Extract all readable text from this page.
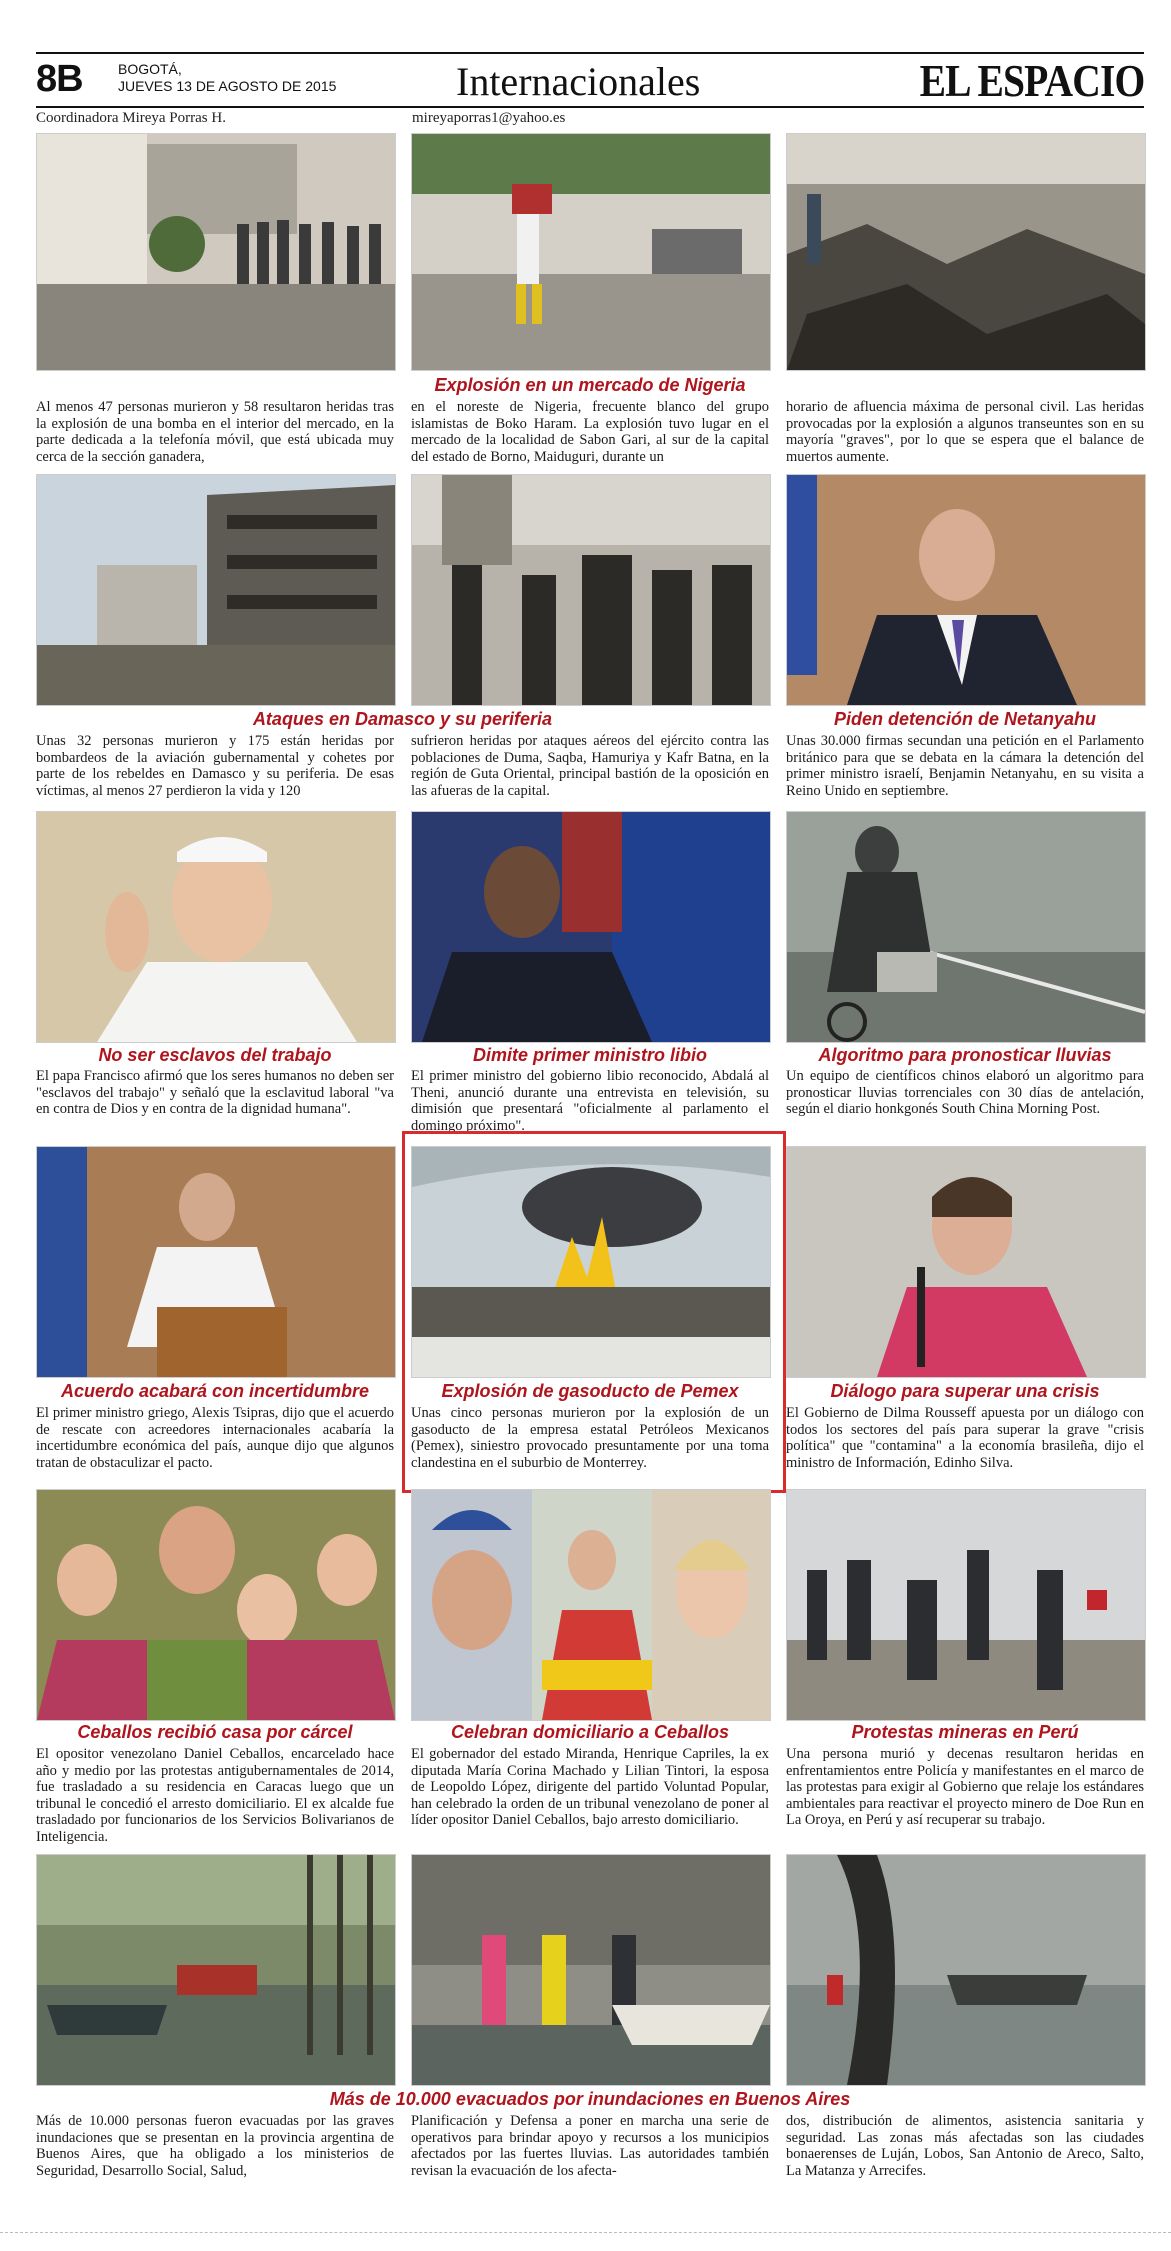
8B	BOGOTÁ,
JUEVES 13 DE AGOSTO DE 2015	Internacionales	EL ESPACIO
Coordinadora Mireya Porras H.	mireyaporras1@yahoo.es
Explosión en un mercado de Nigeria
Al menos 47 personas murieron y 58 resultaron heridas tras la explosión de una bomba en el interior del mercado, en la parte dedicada a la telefonía móvil, que está ubicada muy cerca de la sección ganadera,
en el noreste de Nigeria, frecuente blanco del grupo islamistas de Boko Haram. La explosión tuvo lugar en el mercado de la localidad de Sabon Gari, al sur de la capital del estado de Borno, Maiduguri, durante un
horario de afluencia máxima de personal civil. Las heridas provocadas por la explosión a algunos transeuntes son en su mayoría "graves", por lo que se espera que el balance de muertos aumente.
Ataques en Damasco y su periferia	Piden detención de Netanyahu
Unas 32 personas murieron y 175 están heridas por bombardeos de la aviación gubernamental y cohetes por parte de los rebeldes en Damasco y su periferia. De esas víctimas, al menos 27 perdieron la vida y 120
sufrieron heridas por ataques aéreos del ejército contra las poblaciones de Duma, Saqba, Hamuriya y Kafr Batna, en la región de Guta Oriental, principal bastión de la oposición en las afueras de la capital.
Unas 30.000 firmas secundan una petición en el Parlamento británico para que se debata en la cámara la detención del primer ministro israelí, Benjamin Netanyahu, en su visita a Reino Unido en septiembre.
No ser esclavos del trabajo	Dimite primer ministro libio	Algoritmo para pronosticar lluvias
El papa Francisco afirmó que los seres humanos no deben ser "esclavos del trabajo" y señaló que la esclavitud laboral "va en contra de Dios y en contra de la dignidad humana".
El primer ministro del gobierno libio reconocido, Abdalá al Theni, anunció durante una entrevista en televisión, su dimisión que presentará "oficialmente al parlamento el domingo próximo".
Un equipo de científicos chinos elaboró un algoritmo para pronosticar lluvias torrenciales con 30 días de antelación, según el diario honkgonés South China Morning Post.
Acuerdo acabará con incertidumbre	Explosión de gasoducto de Pemex	Diálogo para superar una crisis
El primer ministro griego, Alexis Tsipras, dijo que el acuerdo de rescate con acreedores internacionales acabaría la incertidumbre económica del país, aunque dijo que algunos tratan de obstaculizar el pacto.
Unas cinco personas murieron por la explosión de un gasoducto de la empresa estatal Petróleos Mexicanos (Pemex), siniestro provocado presuntamente por una toma clandestina en el suburbio de Monterrey.
El Gobierno de Dilma Rousseff apuesta por un diálogo con todos los sectores del país para superar la grave "crisis política" que "contamina" a la economía brasileña, dijo el ministro de Información, Edinho Silva.
Ceballos recibió casa por cárcel	Celebran domiciliario a Ceballos	Protestas mineras en Perú
El opositor venezolano Daniel Ceballos, encarcelado hace año y medio por las protestas antigubernamentales de 2014, fue trasladado a su residencia en Caracas luego que un tribunal le concedió el arresto domiciliario. El ex alcalde fue trasladado por funcionarios de los Servicios Bolivarianos de Inteligencia.
El gobernador del estado Miranda, Henrique Capriles, la ex diputada María Corina Machado y Lilian Tintori, la esposa de Leopoldo López, dirigente del partido Voluntad Popular, han celebrado la orden de un tribunal venezolano de poner al líder opositor Daniel Ceballos, bajo arresto domiciliario.
Una persona murió y decenas resultaron heridas en enfrentamientos entre Policía y manifestantes en el marco de las protestas para exigir al Gobierno que relaje los estándares ambientales para reactivar el proyecto minero de Doe Run en La Oroya, en Perú y así recuperar su trabajo.
Más de 10.000 evacuados por inundaciones en Buenos Aires
Más de 10.000 personas fueron evacuadas por las graves inundaciones que se presentan en la provincia argentina de Buenos Aires, que ha obligado a los ministerios de Seguridad, Desarrollo Social, Salud,
Planificación y Defensa a poner en marcha una serie de operativos para brindar apoyo y recursos a los municipios afectados por las fuertes lluvias. Las autoridades también revisan la evacuación de los afecta-
dos, distribución de alimentos, asistencia sanitaria y seguridad. Las zonas más afectadas son las ciudades bonaerenses de Luján, Lobos, San Antonio de Areco, Salto, La Matanza y Arrecifes.
